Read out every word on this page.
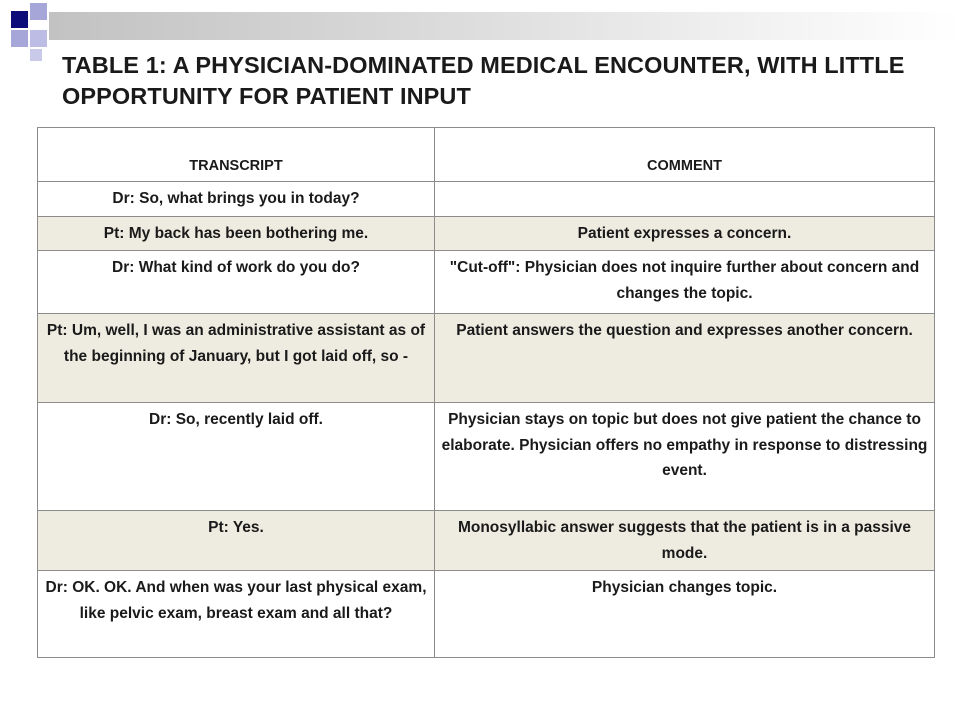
TABLE 1: A PHYSICIAN-DOMINATED MEDICAL ENCOUNTER, WITH LITTLE OPPORTUNITY FOR PATIENT INPUT
TRANSCRIPT	COMMENT
Dr: So, what brings you in today?	
Pt: My back has been bothering me.	Patient expresses a concern.
Dr: What kind of work do you do?	"Cut-off": Physician does not inquire further about concern and changes the topic.
Pt: Um, well, I was an administrative assistant as of the beginning of January, but I got laid off, so -	Patient answers the question and expresses another concern.
Dr: So, recently laid off.	Physician stays on topic but does not give patient the chance to elaborate. Physician offers no empathy in response to distressing event.
Pt: Yes.	Monosyllabic answer suggests that the patient is in a passive mode.
Dr: OK. OK. And when was your last physical exam, like pelvic exam, breast exam and all that?	Physician changes topic.
